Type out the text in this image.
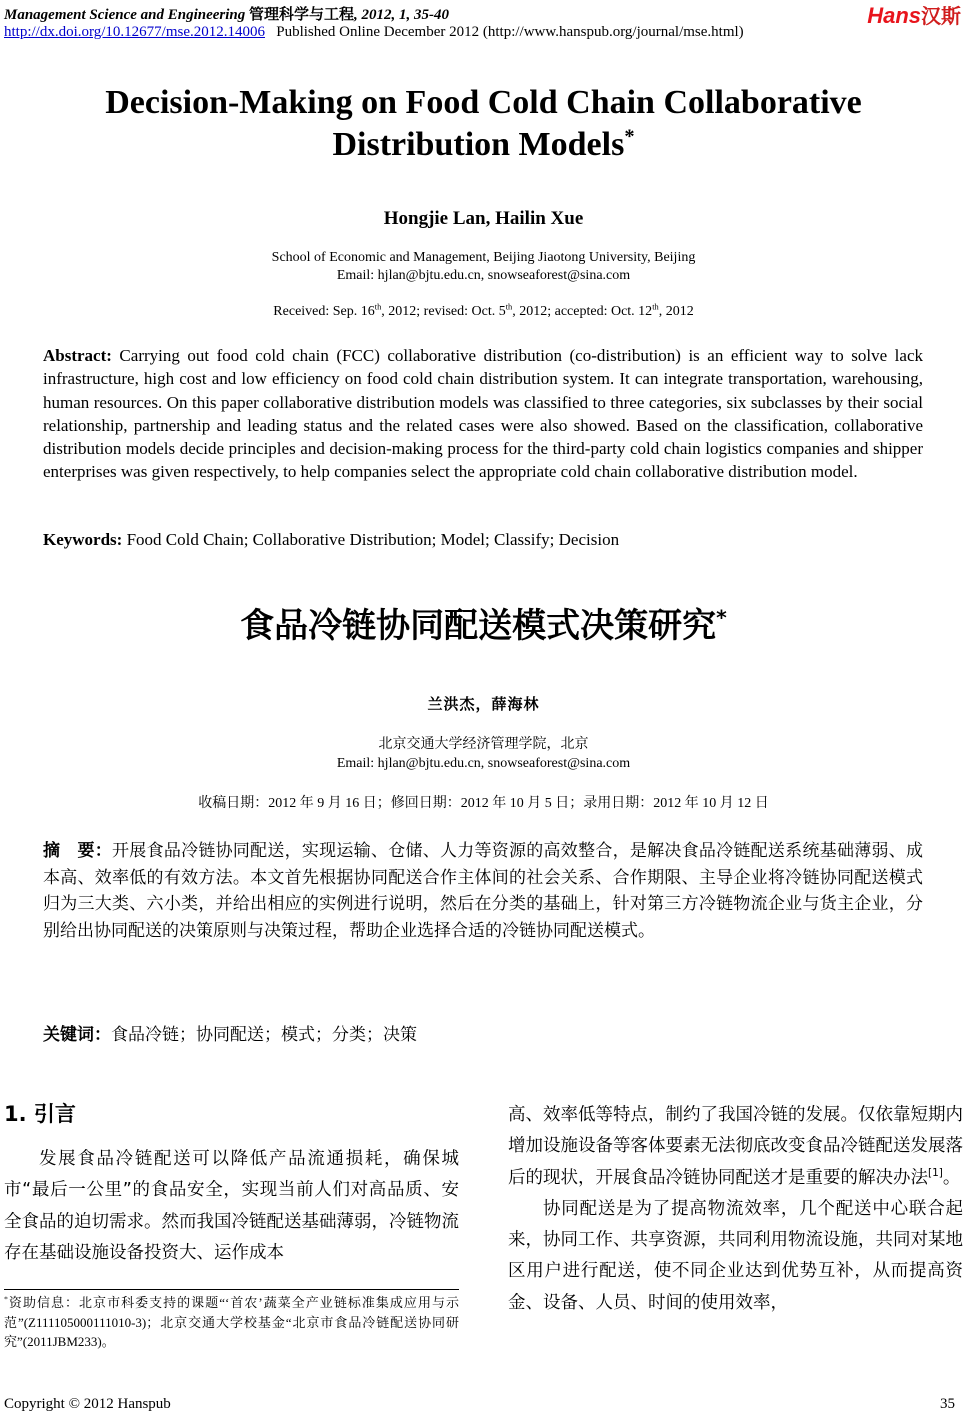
Management Science and Engineering 管理科学与工程, 2012, 1, 35-40
http://dx.doi.org/10.12677/mse.2012.14006 Published Online December 2012 (http://www.hanspub.org/journal/mse.html)
Hans汉斯
Decision-Making on Food Cold Chain Collaborative
Distribution Models*
Hongjie Lan, Hailin Xue
School of Economic and Management, Beijing Jiaotong University, Beijing
Email: hjlan@bjtu.edu.cn, snowseaforest@sina.com
Received: Sep. 16th, 2012; revised: Oct. 5th, 2012; accepted: Oct. 12th, 2012
Abstract: Carrying out food cold chain (FCC) collaborative distribution (co-distribution) is an efficient way to solve lack infrastructure, high cost and low efficiency on food cold chain distribution system. It can integrate transportation, warehousing, human resources. On this paper collaborative distribution models was classified to three categories, six subclasses by their social relationship, partnership and leading status and the related cases were also showed. Based on the classification, collaborative distribution models decide principles and decision-making process for the third-party cold chain logistics companies and shipper enterprises was given respectively, to help companies select the appropriate cold chain collaborative distribution model.
Keywords: Food Cold Chain; Collaborative Distribution; Model; Classify; Decision
食品冷链协同配送模式决策研究*
兰洪杰，薛海林
北京交通大学经济管理学院，北京
Email: hjlan@bjtu.edu.cn, snowseaforest@sina.com
收稿日期：2012 年 9 月 16 日；修回日期：2012 年 10 月 5 日；录用日期：2012 年 10 月 12 日
摘　要：开展食品冷链协同配送，实现运输、仓储、人力等资源的高效整合，是解决食品冷链配送系统基础薄弱、成本高、效率低的有效方法。本文首先根据协同配送合作主体间的社会关系、合作期限、主导企业将冷链协同配送模式归为三大类、六小类，并给出相应的实例进行说明，然后在分类的基础上，针对第三方冷链物流企业与货主企业，分别给出协同配送的决策原则与决策过程，帮助企业选择合适的冷链协同配送模式。
关键词：食品冷链；协同配送；模式；分类；决策
1. 引言
发展食品冷链配送可以降低产品流通损耗，确保城市“最后一公里”的食品安全，实现当前人们对高品质、安全食品的迫切需求。然而我国冷链配送基础薄弱，冷链物流存在基础设施设备投资大、运作成本
*资助信息：北京市科委支持的课题“‘首农’蔬菜全产业链标准集成应用与示范”(Z111105000111010-3)；北京交通大学校基金“北京市食品冷链配送协同研究”(2011JBM233)。
高、效率低等特点，制约了我国冷链的发展。仅依靠短期内增加设施设备等客体要素无法彻底改变食品冷链配送发展落后的现状，开展食品冷链协同配送才是重要的解决办法[1]。
协同配送是为了提高物流效率，几个配送中心联合起来，协同工作、共享资源，共同利用物流设施，共同对某地区用户进行配送，使不同企业达到优势互补，从而提高资金、设备、人员、时间的使用效率，
Copyright © 2012 Hanspub	35
